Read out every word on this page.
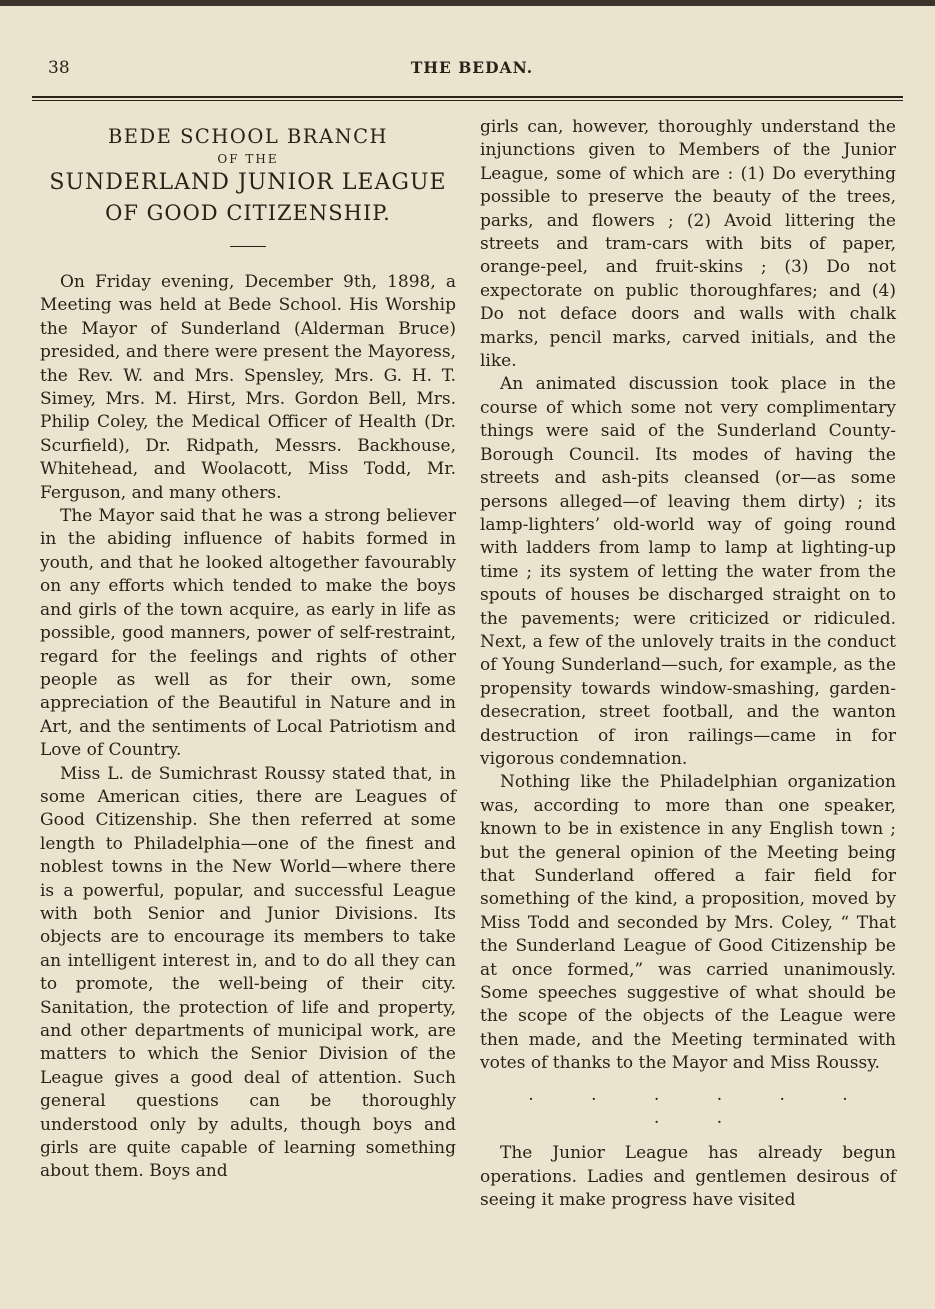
38	THE BEDAN.
BEDE SCHOOL BRANCH
OF THE
SUNDERLAND JUNIOR LEAGUE
OF GOOD CITIZENSHIP.

On Friday evening, December 9th, 1898, a Meeting was held at Bede School. His Worship the Mayor of Sunderland (Alderman Bruce) presided, and there were present the Mayoress, the Rev. W. and Mrs. Spensley, Mrs. G. H. T. Simey, Mrs. M. Hirst, Mrs. Gordon Bell, Mrs. Philip Coley, the Medical Officer of Health (Dr. Scurfield), Dr. Ridpath, Messrs. Backhouse, Whitehead, and Woolacott, Miss Todd, Mr. Ferguson, and many others.

The Mayor said that he was a strong believer in the abiding influence of habits formed in youth, and that he looked altogether favourably on any efforts which tended to make the boys and girls of the town acquire, as early in life as possible, good manners, power of self-restraint, regard for the feelings and rights of other people as well as for their own, some appreciation of the Beautiful in Nature and in Art, and the sentiments of Local Patriotism and Love of Country.

Miss L. de Sumichrast Roussy stated that, in some American cities, there are Leagues of Good Citizenship. She then referred at some length to Philadelphia—one of the finest and noblest towns in the New World—where there is a powerful, popular, and successful League with both Senior and Junior Divisions. Its objects are to encourage its members to take an intelligent interest in, and to do all they can to promote, the well-being of their city. Sanitation, the protection of life and property, and other departments of municipal work, are matters to which the Senior Division of the League gives a good deal of attention. Such general questions can be thoroughly understood only by adults, though boys and girls are quite capable of learning something about them. Boys and

girls can, however, thoroughly understand the injunctions given to Members of the Junior League, some of which are : (1) Do everything possible to preserve the beauty of the trees, parks, and flowers ; (2) Avoid littering the streets and tram-cars with bits of paper, orange-peel, and fruit-skins ; (3) Do not expectorate on public thoroughfares; and (4) Do not deface doors and walls with chalk marks, pencil marks, carved initials, and the like.

An animated discussion took place in the course of which some not very complimentary things were said of the Sunderland County-Borough Council. Its modes of having the streets and ash-pits cleansed (or—as some persons alleged—of leaving them dirty) ; its lamp-lighters’ old-world way of going round with ladders from lamp to lamp at lighting-up time ; its system of letting the water from the spouts of houses be discharged straight on to the pavements; were criticized or ridiculed. Next, a few of the unlovely traits in the conduct of Young Sunderland—such, for example, as the propensity towards window-smashing, garden-desecration, street football, and the wanton destruction of iron railings—came in for vigorous condemnation.

Nothing like the Philadelphian organization was, according to more than one speaker, known to be in existence in any English town ; but the general opinion of the Meeting being that Sunderland offered a fair field for something of the kind, a proposition, moved by Miss Todd and seconded by Mrs. Coley, “ That the Sunderland League of Good Citizenship be at once formed,” was carried unanimously. Some speeches suggestive of what should be the scope of the objects of the League were then made, and the Meeting terminated with votes of thanks to the Mayor and Miss Roussy.

. . . . . . . .

The Junior League has already begun operations. Ladies and gentlemen desirous of seeing it make progress have visited
